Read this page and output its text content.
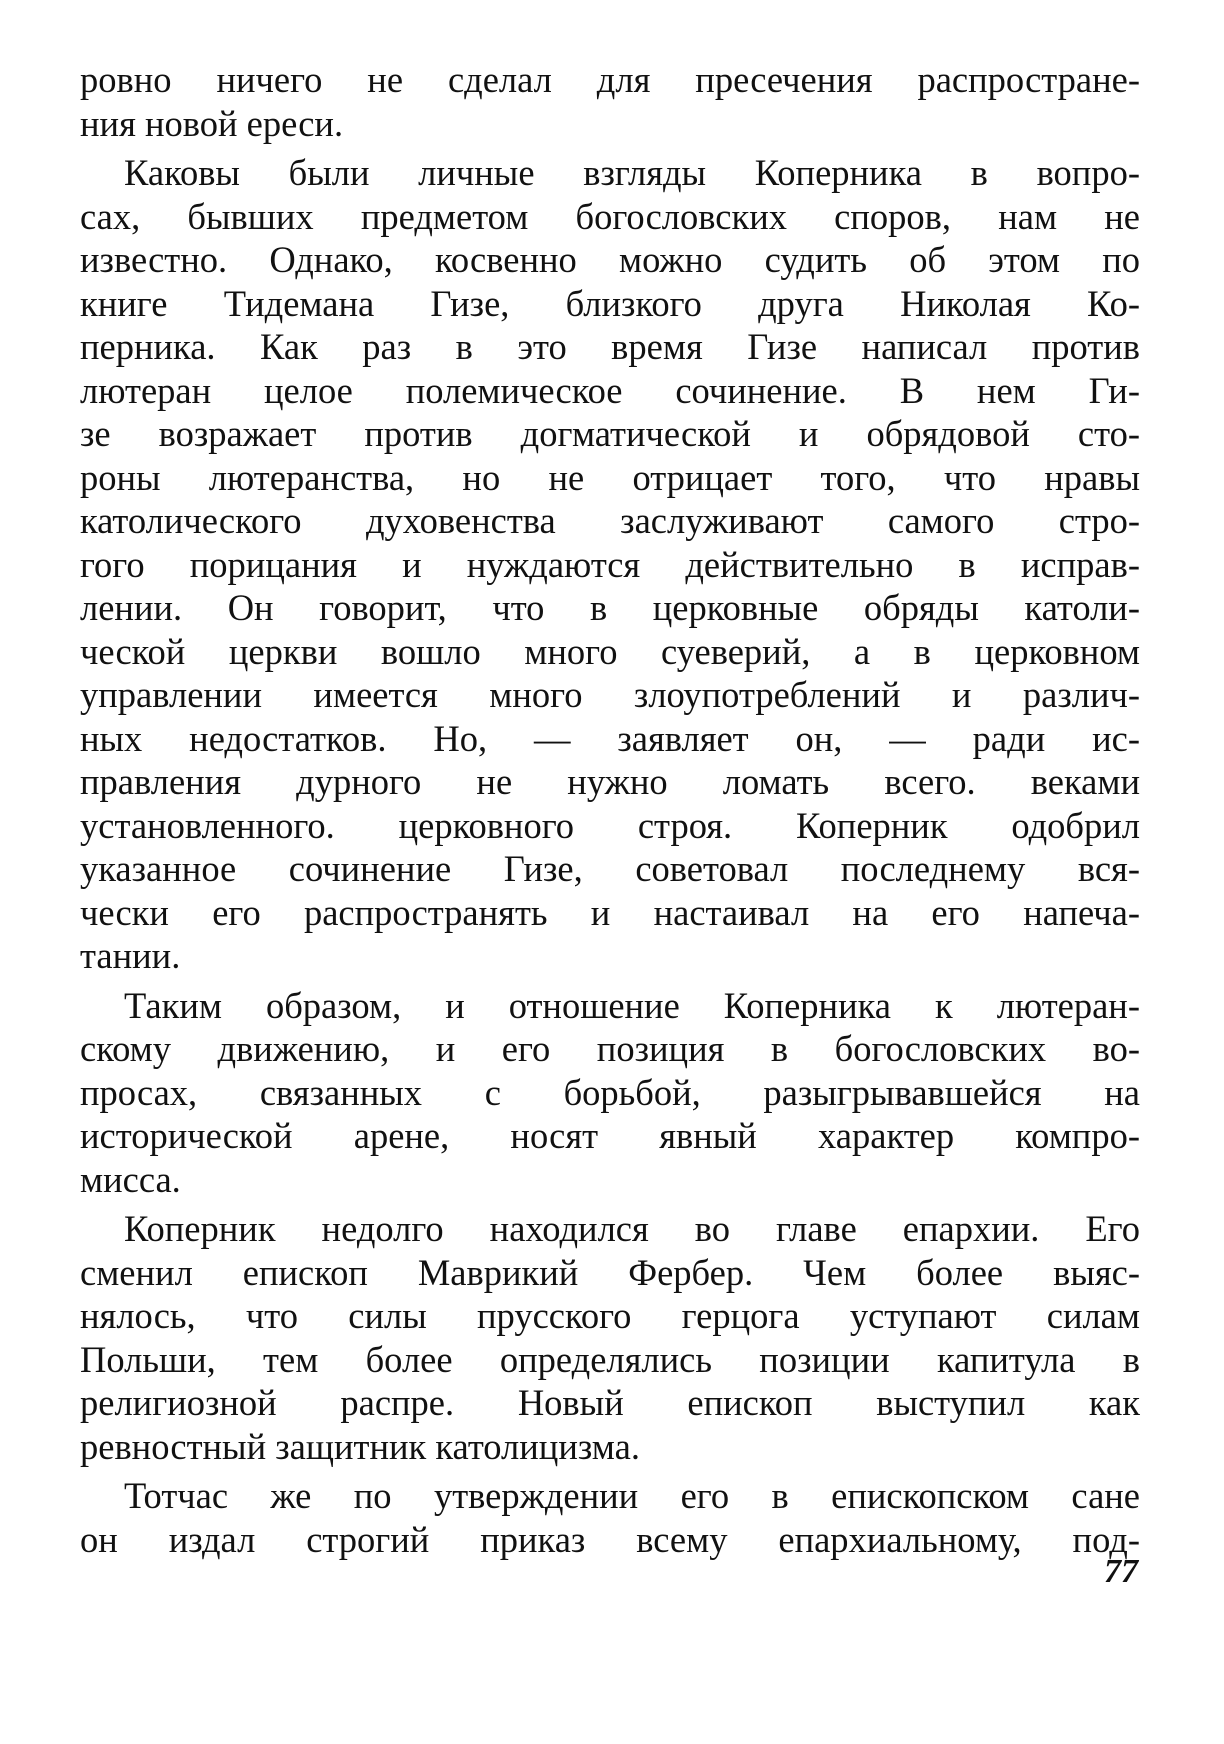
ровно ничего не сделал для пресечения распростране-
ния новой ереси.
Каковы были личные взгляды Коперника в вопро-
сах, бывших предметом богословских споров, нам не
известно. Однако, косвенно можно судить об этом по
книге Тидемана Гизе, близкого друга Николая Ко-
перника. Как раз в это время Гизе написал против
лютеран целое полемическое сочинение. В нем Ги-
зе возражает против догматической и обрядовой сто-
роны лютеранства, но не отрицает того, что нравы
католического духовенства заслуживают самого стро-
гого порицания и нуждаются действительно в исправ-
лении. Он говорит, что в церковные обряды католи-
ческой церкви вошло много суеверий, а в церковном
управлении имеется много злоупотреблений и различ-
ных недостатков. Но, — заявляет он, — ради ис-
правления дурного не нужно ломать всего. веками
установленного. церковного строя. Коперник одобрил
указанное сочинение Гизе, советовал последнему вся-
чески его распространять и настаивал на его напеча-
тании.
Таким образом, и отношение Коперника к лютеран-
скому движению, и его позиция в богословских во-
просах, связанных с борьбой, разыгрывавшейся на
исторической арене, носят явный характер компро-
мисса.
Коперник недолго находился во главе епархии. Его
сменил епископ Маврикий Фербер. Чем более выяс-
нялось, что силы прусского герцога уступают силам
Польши, тем более определялись позиции капитула в
религиозной распре. Новый епископ выступил как
ревностный защитник католицизма.
Тотчас же по утверждении его в епископском сане
он издал строгий приказ всему епархиальному, под-
77
